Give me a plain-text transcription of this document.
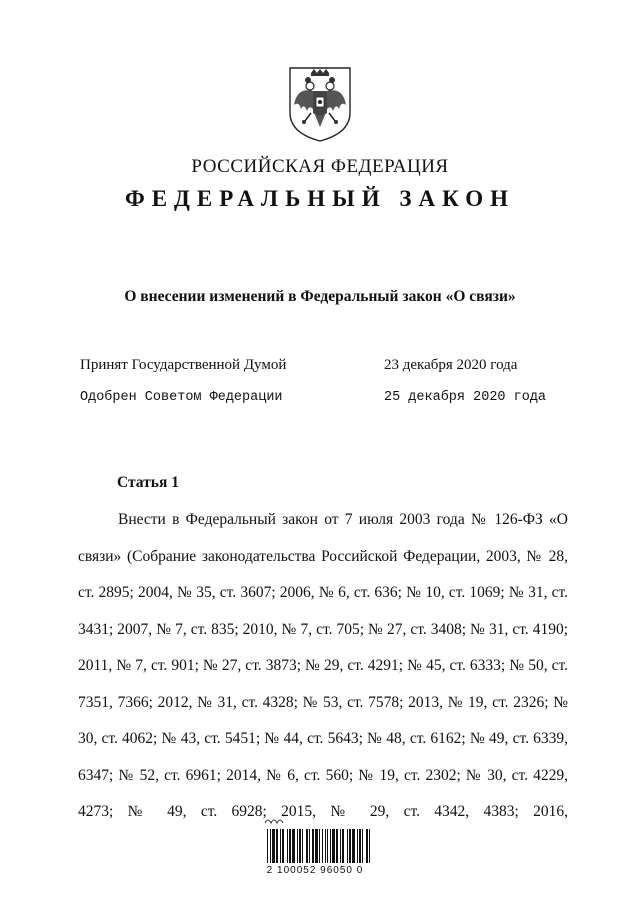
РОССИЙСКАЯ ФЕДЕРАЦИЯ
ФЕДЕРАЛЬНЫЙ ЗАКОН
О внесении изменений в Федеральный закон «О связи»
Принят Государственной Думой	23 декабря 2020 года
Одобрен Советом Федерации	25 декабря 2020 года
Статья 1

Внести в Федеральный закон от 7 июля 2003 года № 126-ФЗ «О связи» (Собрание законодательства Российской Федерации, 2003, № 28, ст. 2895; 2004, № 35, ст. 3607; 2006, № 6, ст. 636; № 10, ст. 1069; № 31, ст. 3431; 2007, № 7, ст. 835; 2010, № 7, ст. 705; № 27, ст. 3408; № 31, ст. 4190; 2011, № 7, ст. 901; № 27, ст. 3873; № 29, ст. 4291; № 45, ст. 6333; № 50, ст. 7351, 7366; 2012, № 31, ст. 4328; № 53, ст. 7578; 2013, № 19, ст. 2326; № 30, ст. 4062; № 43, ст. 5451; № 44, ст. 5643; № 48, ст. 6162; № 49, ст. 6339, 6347; № 52, ст. 6961; 2014, № 6, ст. 560; № 19, ст. 2302; № 30, ст. 4229, 4273; № 49, ст. 6928; 2015, № 29, ст. 4342, 4383; 2016,

2 100052 96050 0
